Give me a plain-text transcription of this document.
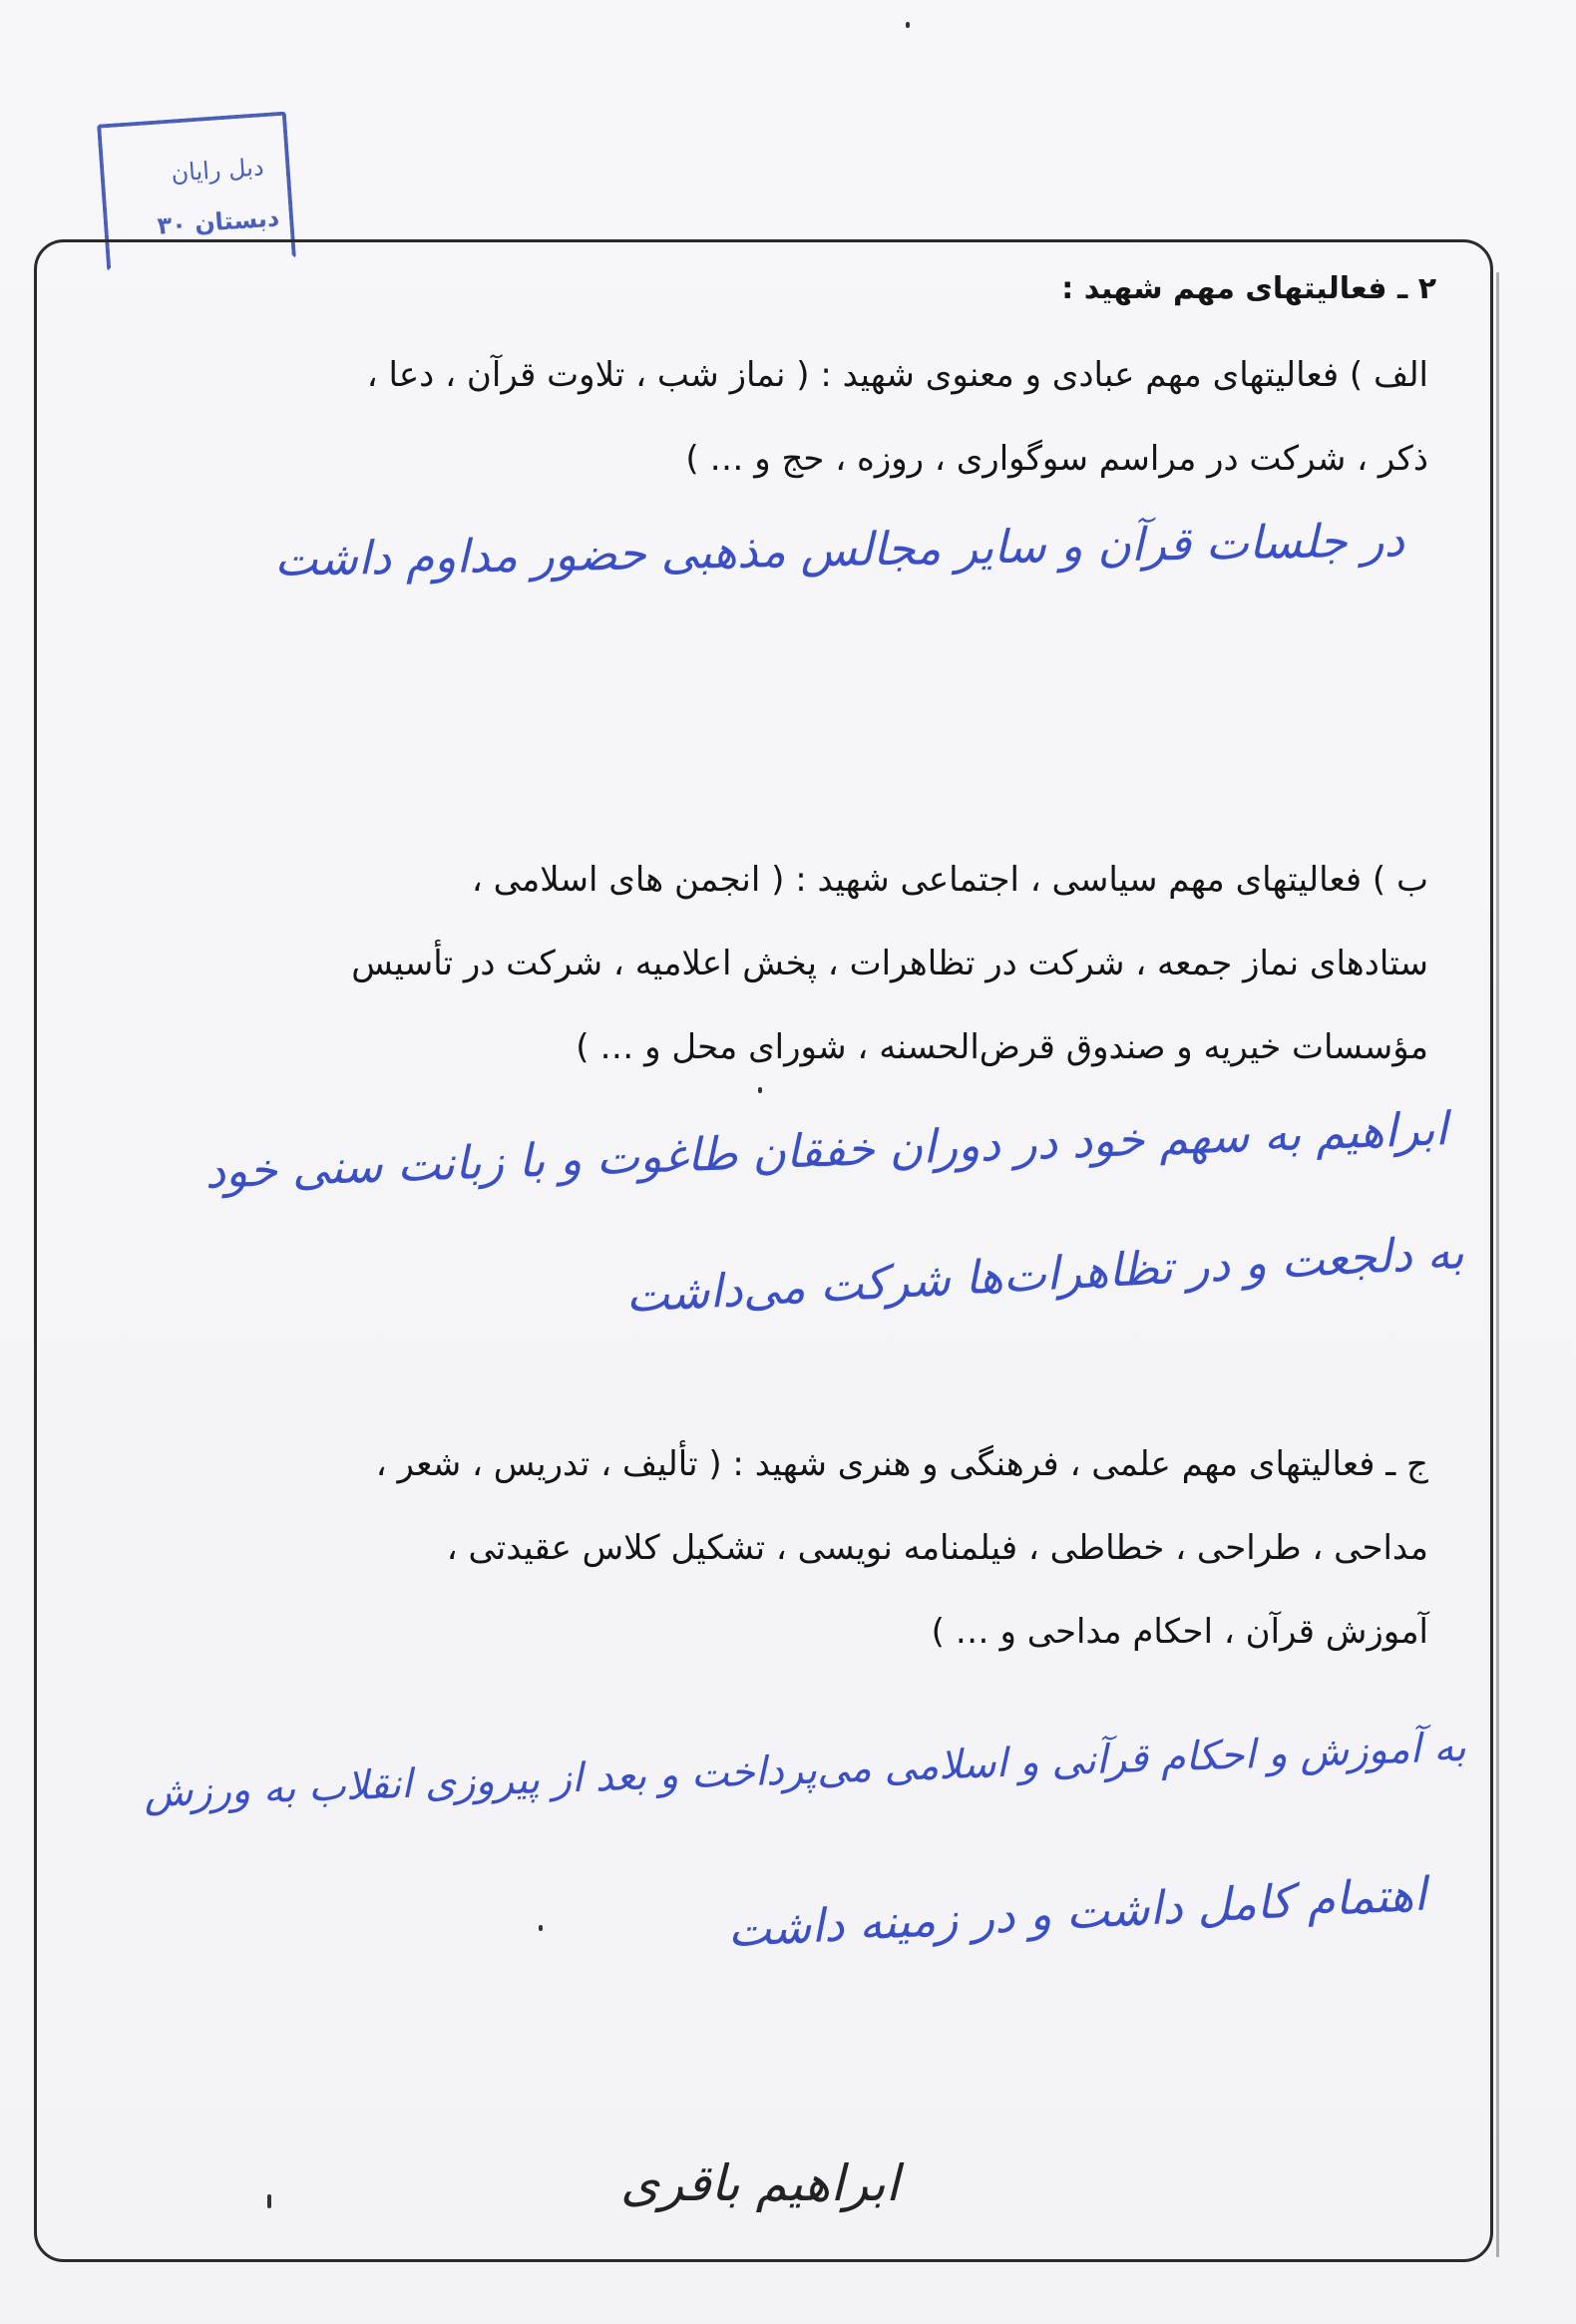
دبل رايان
دبستان ۳۰
۲ ـ فعالیتهای مهم شهید :
الف ) فعالیتهای مهم عبادی و معنوی شهید : ( نماز شب ، تلاوت قرآن ، دعا ،
ذکر ، شرکت در مراسم سوگواری ، روزه ، حج و … )
در جلسات قرآن و سایر مجالس مذهبی حضور مداوم داشت
ب ) فعالیتهای مهم سیاسی ، اجتماعی شهید : ( انجمن های اسلامی ،
ستادهای نماز جمعه ، شرکت در تظاهرات ، پخش اعلامیه ، شرکت در تأسیس
مؤسسات خیریه و صندوق قرض‌الحسنه ، شورای محل و … )
ابراهیم به سهم خود در دوران خفقان طاغوت و با زبانت سنی خود
به دلجعت و در تظاهرات‌ها شرکت می‌داشت
ج ـ فعالیتهای مهم علمی ، فرهنگی و هنری شهید : ( تألیف ، تدریس ، شعر ،
مداحی ، طراحی ، خطاطی ، فیلمنامه نویسی ، تشکیل کلاس عقیدتی ،
آموزش قرآن ، احکام مداحی و … )
به آموزش و احکام قرآنی و اسلامی می‌پرداخت و بعد از پیروزی انقلاب به ورزش
اهتمام کامل داشت و در زمینه داشت
ابراهیم باقری
